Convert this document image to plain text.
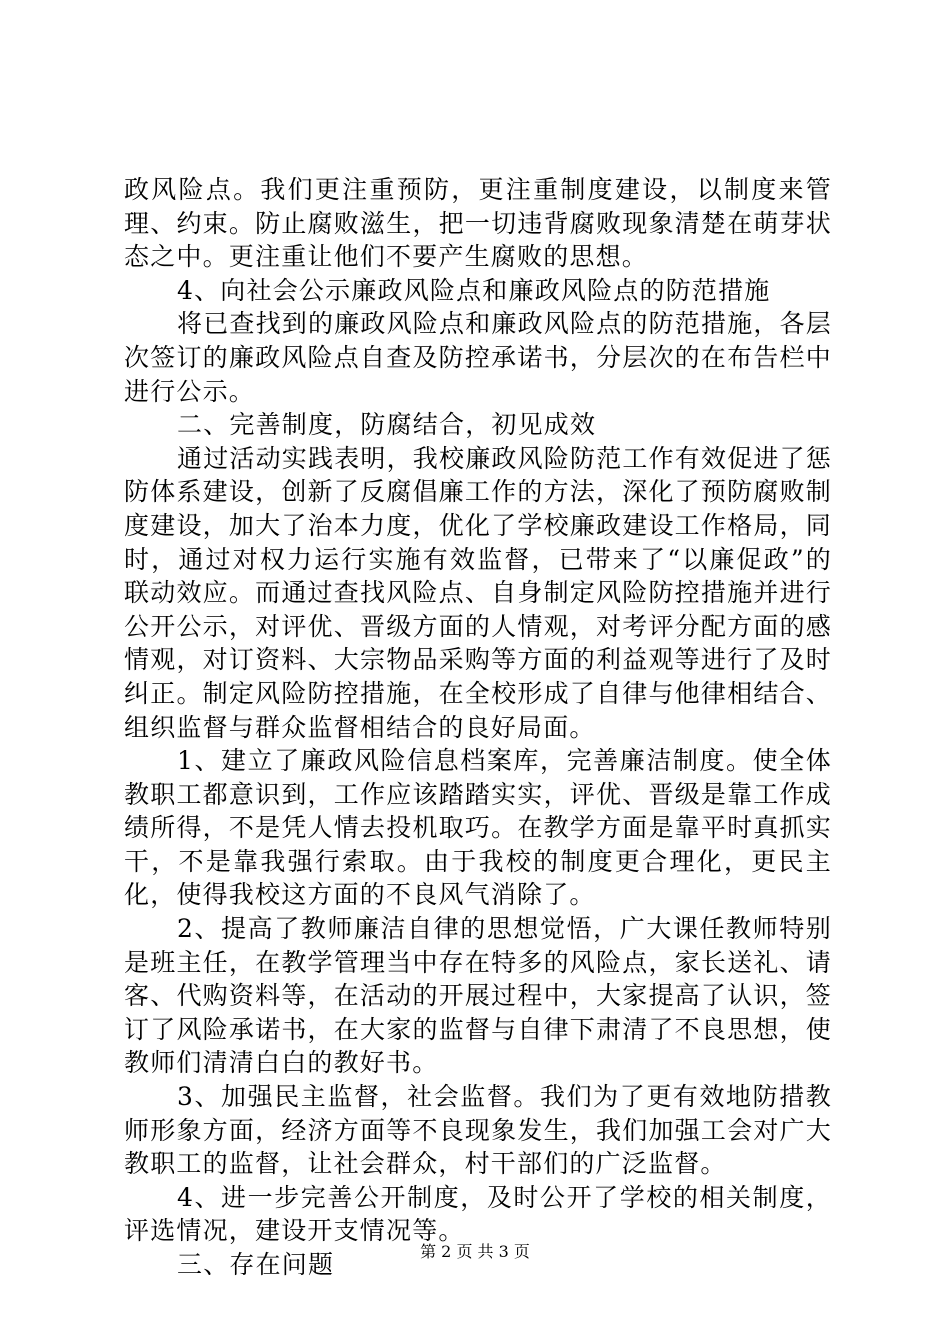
政风险点。我们更注重预防，更注重制度建设，以制度来管理、约束。防止腐败滋生，把一切违背腐败现象清楚在萌芽状态之中。更注重让他们不要产生腐败的思想。

4、向社会公示廉政风险点和廉政风险点的防范措施

将已查找到的廉政风险点和廉政风险点的防范措施，各层次签订的廉政风险点自查及防控承诺书，分层次的在布告栏中进行公示。

二、完善制度，防腐结合，初见成效

通过活动实践表明，我校廉政风险防范工作有效促进了惩防体系建设，创新了反腐倡廉工作的方法，深化了预防腐败制度建设，加大了治本力度，优化了学校廉政建设工作格局，同时，通过对权力运行实施有效监督，已带来了“以廉促政”的联动效应。而通过查找风险点、自身制定风险防控措施并进行公开公示，对评优、晋级方面的人情观，对考评分配方面的感情观，对订资料、大宗物品采购等方面的利益观等进行了及时纠正。制定风险防控措施，在全校形成了自律与他律相结合、组织监督与群众监督相结合的良好局面。

1、建立了廉政风险信息档案库，完善廉洁制度。使全体教职工都意识到，工作应该踏踏实实，评优、晋级是靠工作成绩所得，不是凭人情去投机取巧。在教学方面是靠平时真抓实干，不是靠我强行索取。由于我校的制度更合理化，更民主化，使得我校这方面的不良风气消除了。

2、提高了教师廉洁自律的思想觉悟，广大课任教师特别是班主任，在教学管理当中存在特多的风险点，家长送礼、请客、代购资料等，在活动的开展过程中，大家提高了认识，签订了风险承诺书，在大家的监督与自律下肃清了不良思想，使教师们清清白白的教好书。

3、加强民主监督，社会监督。我们为了更有效地防措教师形象方面，经济方面等不良现象发生，我们加强工会对广大教职工的监督，让社会群众，村干部们的广泛监督。

4、进一步完善公开制度，及时公开了学校的相关制度，评选情况，建设开支情况等。

三、存在问题	第 2 页 共 3 页
